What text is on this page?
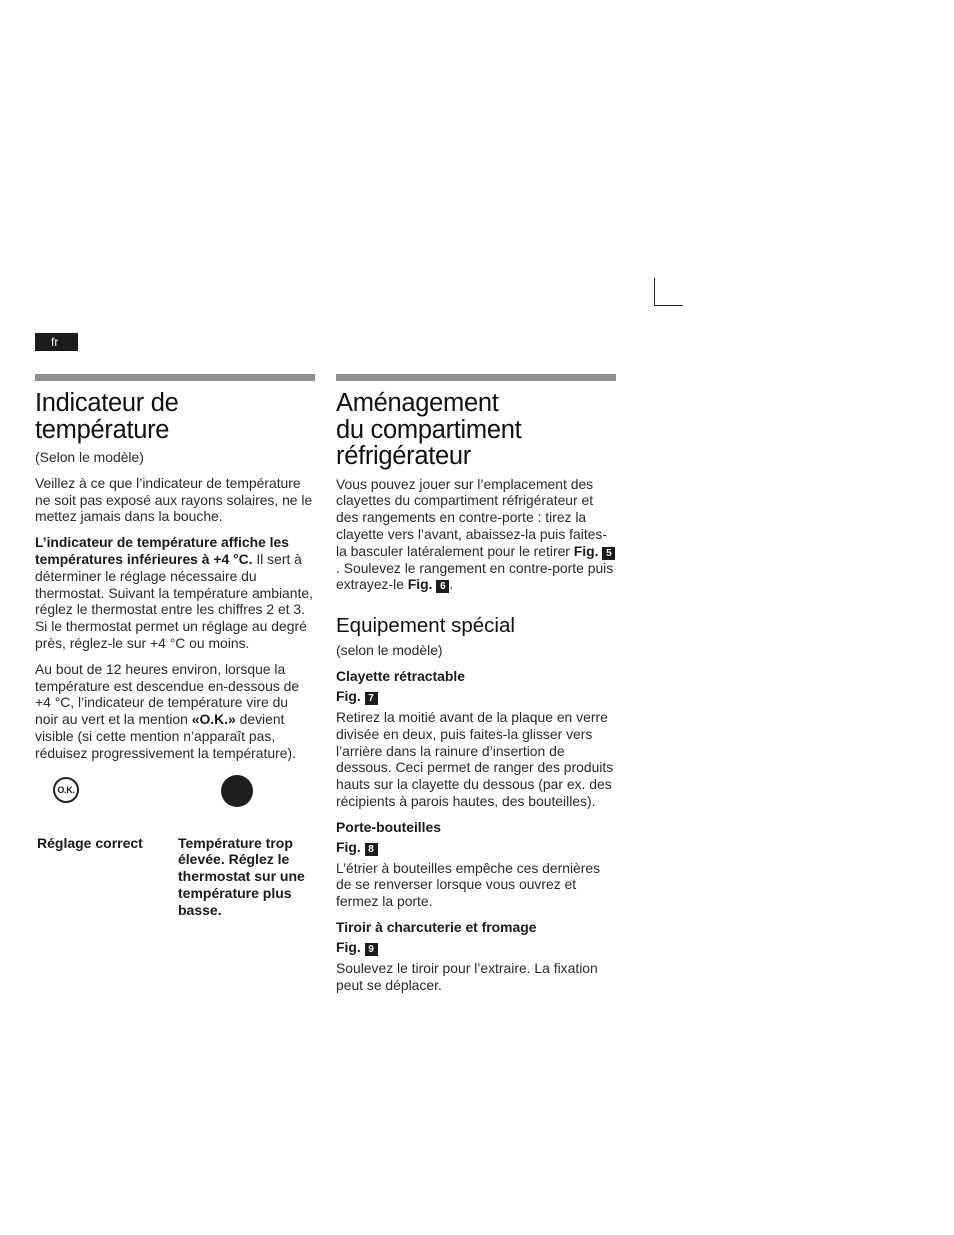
fr
Indicateur de
température

(Selon le modèle)

Veillez à ce que l’indicateur de température ne soit pas exposé aux rayons solaires, ne le mettez jamais dans la bouche.

L’indicateur de température affiche les températures inférieures à +4 °C. Il sert à déterminer le réglage nécessaire du thermostat. Suivant la température ambiante, réglez le thermostat entre les chiffres 2 et 3. Si le thermostat permet un réglage au degré près, réglez-le sur +4 °C ou moins.

Au bout de 12 heures environ, lorsque la température est descendue en-dessous de +4 °C, l’indicateur de température vire du noir au vert et la mention «O.K.» devient visible (si cette mention n’apparaît pas, réduisez progressivement la température).

O.K.
Réglage correct	Température trop élevée. Réglez le thermostat sur une température plus basse.
Aménagement
du compartiment
réfrigérateur

Vous pouvez jouer sur l’emplacement des clayettes du compartiment réfrigérateur et des rangements en contre-porte : tirez la clayette vers l’avant, abaissez-la puis faites-la basculer latéralement pour le retirer Fig. 5. Soulevez le rangement en contre-porte puis extrayez-le Fig. 6 .

Equipement spécial

(selon le modèle)

Clayette rétractable
Fig. 7

Retirez la moitié avant de la plaque en verre divisée en deux, puis faites-la glisser vers l’arrière dans la rainure d’insertion de dessous. Ceci permet de ranger des produits hauts sur la clayette du dessous (par ex. des récipients à parois hautes, des bouteilles).

Porte-bouteilles
Fig. 8

L’étrier à bouteilles empêche ces dernières de se renverser lorsque vous ouvrez et fermez la porte.

Tiroir à charcuterie et fromage
Fig. 9

Soulevez le tiroir pour l’extraire. La fixation peut se déplacer.
